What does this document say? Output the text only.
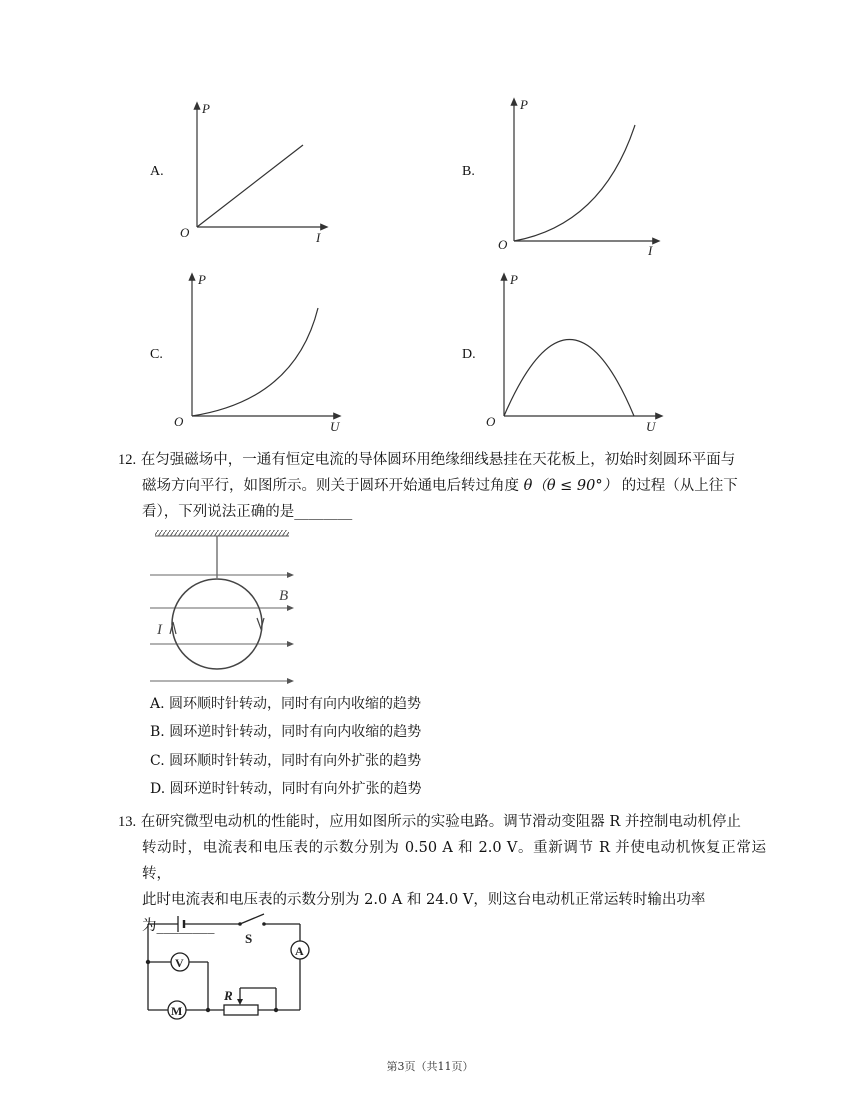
A.
P
I
O
B.
P
I
O
C.
P
U
O
D.
P
U
O
12. 在匀强磁场中，一通有恒定电流的导体圆环用绝缘细线悬挂在天花板上，初始时刻圆环平面与
磁场方向平行，如图所示。则关于圆环开始通电后转过角度 θ（θ ≤ 90°） 的过程（从上往下
看），下列说法正确的是________
B
I
A. 圆环顺时针转动，同时有向内收缩的趋势
B. 圆环逆时针转动，同时有向内收缩的趋势
C. 圆环顺时针转动，同时有向外扩张的趋势
D. 圆环逆时针转动，同时有向外扩张的趋势
13. 在研究微型电动机的性能时，应用如图所示的实验电路。调节滑动变阻器 R 并控制电动机停止
转动时，电流表和电压表的示数分别为 0.50 A 和 2.0 V。重新调节 R 并使电动机恢复正常运转，
此时电流表和电压表的示数分别为 2.0 A 和 24.0 V，则这台电动机正常运转时输出功率
为________
S
A
V
M
R
第3页（共11页）
